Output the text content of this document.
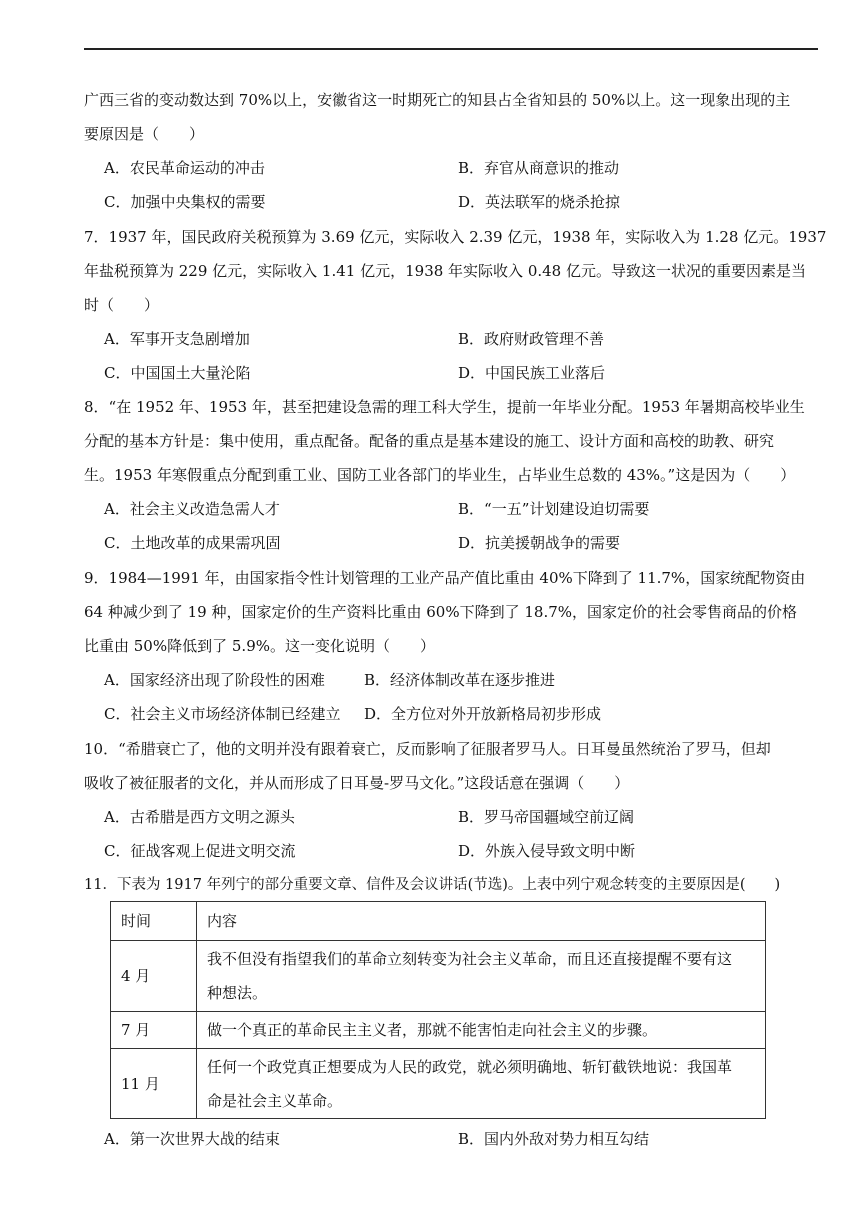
广西三省的变动数达到 70%以上，安徽省这一时期死亡的知县占全省知县的 50%以上。这一现象出现的主
要原因是（　　）
A．农民革命运动的冲击	B．弃官从商意识的推动
C．加强中央集权的需要	D．英法联军的烧杀抢掠
7．1937 年，国民政府关税预算为 3.69 亿元，实际收入 2.39 亿元，1938 年，实际收入为 1.28 亿元。1937
年盐税预算为 229 亿元，实际收入 1.41 亿元，1938 年实际收入 0.48 亿元。导致这一状况的重要因素是当
时（　　）
A．军事开支急剧增加	B．政府财政管理不善
C．中国国土大量沦陷	D．中国民族工业落后
8．“在 1952 年、1953 年，甚至把建设急需的理工科大学生，提前一年毕业分配。1953 年暑期高校毕业生
分配的基本方针是：集中使用，重点配备。配备的重点是基本建设的施工、设计方面和高校的助教、研究
生。1953 年寒假重点分配到重工业、国防工业各部门的毕业生，占毕业生总数的 43%。”这是因为（　　）
A．社会主义改造急需人才	B．“一五”计划建设迫切需要
C．土地改革的成果需巩固	D．抗美援朝战争的需要
9．1984—1991 年，由国家指令性计划管理的工业产品产值比重由 40%下降到了 11.7%，国家统配物资由
64 种减少到了 19 种，国家定价的生产资料比重由 60%下降到了 18.7%，国家定价的社会零售商品的价格
比重由 50%降低到了 5.9%。这一变化说明（　　）
A．国家经济出现了阶段性的困难	B．经济体制改革在逐步推进
C．社会主义市场经济体制已经建立 D．全方位对外开放新格局初步形成
10．“希腊衰亡了，他的文明并没有跟着衰亡，反而影响了征服者罗马人。日耳曼虽然统治了罗马，但却
吸收了被征服者的文化，并从而形成了日耳曼-罗马文化。”这段话意在强调（　　）
A．古希腊是西方文明之源头	B．罗马帝国疆域空前辽阔
C．征战客观上促进文明交流	D．外族入侵导致文明中断
11．下表为 1917 年列宁的部分重要文章、信件及会议讲话(节选)。上表中列宁观念转变的主要原因是(　　)
时间	内容
4 月	我不但没有指望我们的革命立刻转变为社会主义革命，而且还直接提醒不要有这
种想法。

7 月	做一个真正的革命民主主义者，那就不能害怕走向社会主义的步骤。
11 月	任何一个政党真正想要成为人民的政党，就必须明确地、斩钉截铁地说：我国革
命是社会主义革命。
A．第一次世界大战的结束	B．国内外敌对势力相互勾结
